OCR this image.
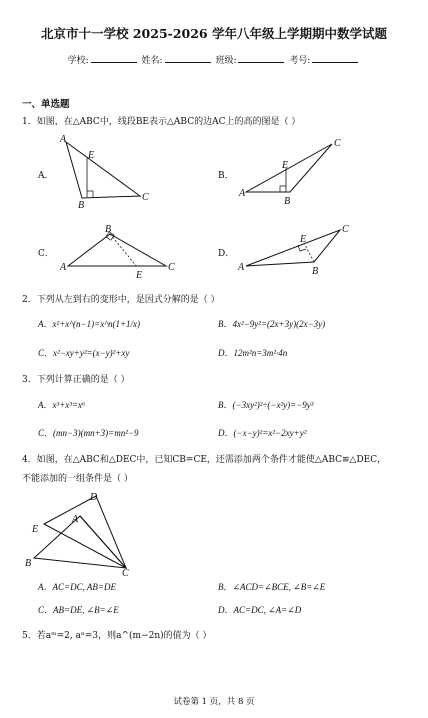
北京市十一学校 2025-2026 学年八年级上学期期中数学试题
学校:	姓名:	班级:	考号:
一、单选题
1．如图，在△ABC中，线段BE表示△ABC的边AC上的高的图是（ ）
A．	B．
C．	D．
A
E
B
C	A
C
E
B
B
A
E
C	A
C
E
B
2．下列从左到右的变形中，是因式分解的是（ ）
A．x²+x^(n−1)=x^n(1+1/x)	B．4x²−9y²=(2x+3y)(2x−3y)
C．x²−xy+y²=(x−y)²+xy	D．12m²n=3m²·4n
3．下列计算正确的是（ ）
A．x³+x³=x⁶	B．(−3xy²)²÷(−x²y)=−9y³
C．(mn−3)(mn+3)=mn²−9	D．(−x−y)²=x²−2xy+y²
4．如图，在△ABC和△DEC中，已知CB=CE，还需添加两个条件才能使△ABC≌△DEC，
不能添加的一组条件是（ ）
D
E
A
B
C
A．AC=DC, AB=DE	B．∠ACD=∠BCE, ∠B=∠E
C．AB=DE, ∠B=∠E	D．AC=DC, ∠A=∠D
5．若aᵐ=2, aⁿ=3，则a^(m−2n)的值为（ ）
试卷第 1 页，共 8 页
